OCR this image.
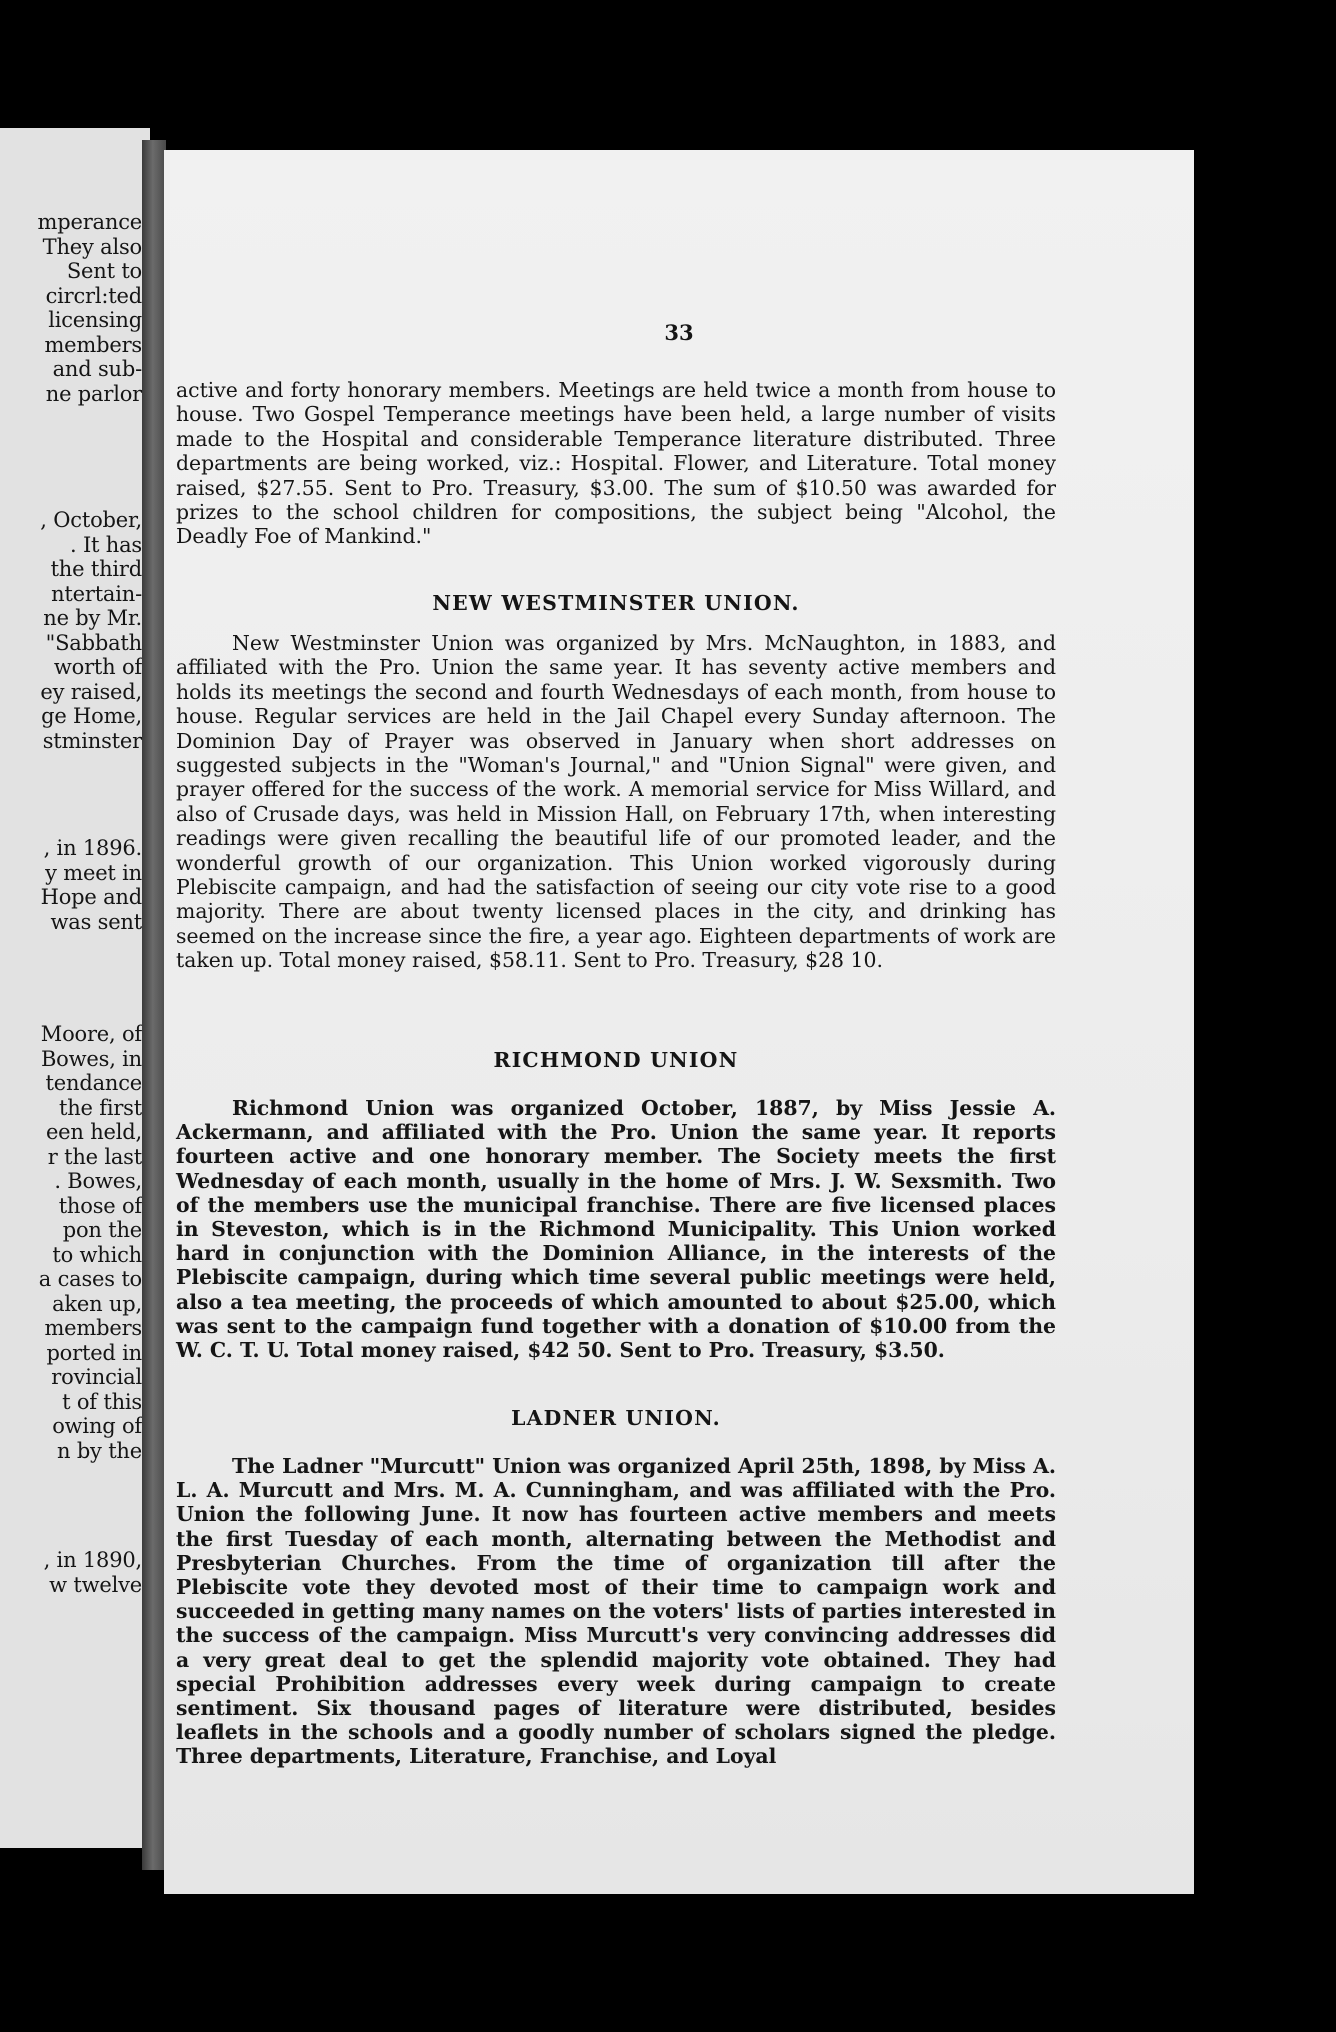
mperance
They also
Sent to
circrl:ted
licensing
members
and sub-
ne parlor
, October,
. It has
the third
ntertain-
ne by Mr.
"Sabbath
worth of
ey raised,
ge Home,
stminster
, in 1896.
y meet in
Hope and
was sent
Moore, of
Bowes, in
tendance
the first
een held,
r the last
. Bowes,
those of
pon the
to which
a cases to
aken up,
members
ported in
rovincial
t of this
owing of
n by the
, in 1890,
w twelve
33

active and forty honorary members. Meetings are held twice a month from house to house. Two Gospel Temperance meetings have been held, a large number of visits made to the Hospital and considerable Temperance literature distributed. Three departments are being worked, viz.: Hospital. Flower, and Literature. Total money raised, $27.55. Sent to Pro. Treasury, $3.00. The sum of $10.50 was awarded for prizes to the school children for compositions, the subject being "Alcohol, the Deadly Foe of Mankind."

NEW WESTMINSTER UNION.

New Westminster Union was organized by Mrs. McNaughton, in 1883, and affiliated with the Pro. Union the same year. It has seventy active members and holds its meetings the second and fourth Wednesdays of each month, from house to house. Regular services are held in the Jail Chapel every Sunday afternoon. The Dominion Day of Prayer was observed in January when short addresses on suggested subjects in the "Woman's Journal," and "Union Signal" were given, and prayer offered for the success of the work. A memorial service for Miss Willard, and also of Crusade days, was held in Mission Hall, on February 17th, when interesting readings were given recalling the beautiful life of our promoted leader, and the wonderful growth of our organization. This Union worked vigorously during Plebiscite campaign, and had the satisfaction of seeing our city vote rise to a good majority. There are about twenty licensed places in the city, and drinking has seemed on the increase since the fire, a year ago. Eighteen departments of work are taken up. Total money raised, $58.11. Sent to Pro. Treasury, $28 10.

RICHMOND UNION

Richmond Union was organized October, 1887, by Miss Jessie A. Ackermann, and affiliated with the Pro. Union the same year. It reports fourteen active and one honorary member. The Society meets the first Wednesday of each month, usually in the home of Mrs. J. W. Sexsmith. Two of the members use the municipal franchise. There are five licensed places in Steveston, which is in the Richmond Municipality. This Union worked hard in conjunction with the Dominion Alliance, in the interests of the Plebiscite campaign, during which time several public meetings were held, also a tea meeting, the proceeds of which amounted to about $25.00, which was sent to the campaign fund together with a donation of $10.00 from the W. C. T. U. Total money raised, $42 50. Sent to Pro. Treasury, $3.50.

LADNER UNION.

The Ladner "Murcutt" Union was organized April 25th, 1898, by Miss A. L. A. Murcutt and Mrs. M. A. Cunningham, and was affiliated with the Pro. Union the following June. It now has fourteen active members and meets the first Tuesday of each month, alternating between the Methodist and Presbyterian Churches. From the time of organization till after the Plebiscite vote they devoted most of their time to campaign work and succeeded in getting many names on the voters' lists of parties interested in the success of the campaign. Miss Murcutt's very convincing addresses did a very great deal to get the splendid majority vote obtained. They had special Prohibition addresses every week during campaign to create sentiment. Six thousand pages of literature were distributed, besides leaflets in the schools and a goodly number of scholars signed the pledge. Three departments, Literature, Franchise, and Loyal
